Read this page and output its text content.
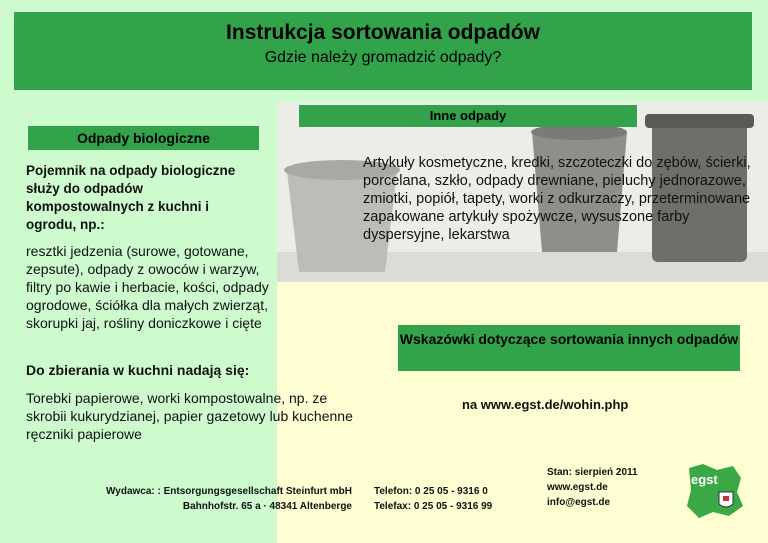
Instrukcja sortowania odpadów
Gdzie należy gromadzić odpady?
Odpady biologiczne
Pojemnik na odpady biologiczne służy do odpadów kompostowalnych z kuchni i ogrodu, np.:
resztki jedzenia (surowe, gotowane, zepsute), odpady z owoców i warzyw, filtry po kawie i herbacie, kości, odpady ogrodowe, ściółka dla małych zwierząt, skorupki jaj, rośliny doniczkowe i cięte
Do zbierania w kuchni nadają się:
Torebki papierowe, worki kompostowalne, np. ze skrobii kukurydzianej, papier gazetowy lub kuchenne ręczniki papierowe
Inne odpady
Artykuły kosmetyczne, kredki, szczoteczki do zębów, ścierki, porcelana, szkło, odpady drewniane, pieluchy jednorazowe, zmiotki, popiół, tapety, worki z odkurzaczy, przeterminowane zapakowane artykuły spożywcze, wysuszone farby dyspersyjne, lekarstwa
Wskazówki dotyczące sortowania innych odpadów
na www.egst.de/wohin.php
Wydawca: : Entsorgungsgesellschaft Steinfurt mbH
Bahnhofstr. 65 a · 48341 Altenberge
Telefon: 0 25 05 - 9316 0
Telefax: 0 25 05 - 9316 99
Stan: sierpień 2011
www.egst.de
info@egst.de
egst
